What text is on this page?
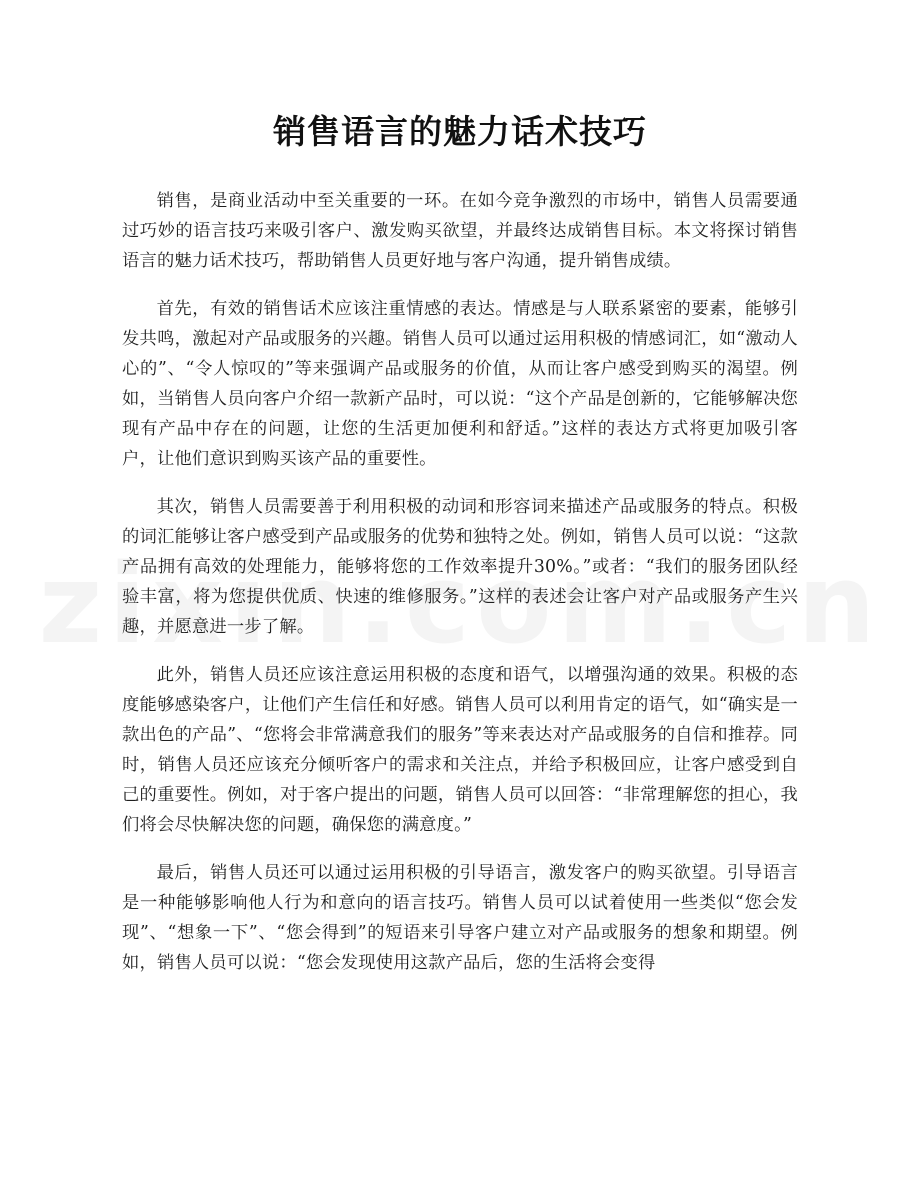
销售语言的魅力话术技巧

销售，是商业活动中至关重要的一环。在如今竞争激烈的市场中，销售人员需要通过巧妙的语言技巧来吸引客户、激发购买欲望，并最终达成销售目标。本文将探讨销售语言的魅力话术技巧，帮助销售人员更好地与客户沟通，提升销售成绩。

首先，有效的销售话术应该注重情感的表达。情感是与人联系紧密的要素，能够引发共鸣，激起对产品或服务的兴趣。销售人员可以通过运用积极的情感词汇，如“激动人心的”、“令人惊叹的”等来强调产品或服务的价值，从而让客户感受到购买的渴望。例如，当销售人员向客户介绍一款新产品时，可以说：“这个产品是创新的，它能够解决您现有产品中存在的问题，让您的生活更加便利和舒适。”这样的表达方式将更加吸引客户，让他们意识到购买该产品的重要性。

其次，销售人员需要善于利用积极的动词和形容词来描述产品或服务的特点。积极的词汇能够让客户感受到产品或服务的优势和独特之处。例如，销售人员可以说：“这款产品拥有高效的处理能力，能够将您的工作效率提升30%。”或者：“我们的服务团队经验丰富，将为您提供优质、快速的维修服务。”这样的表述会让客户对产品或服务产生兴趣，并愿意进一步了解。

此外，销售人员还应该注意运用积极的态度和语气，以增强沟通的效果。积极的态度能够感染客户，让他们产生信任和好感。销售人员可以利用肯定的语气，如“确实是一款出色的产品”、“您将会非常满意我们的服务”等来表达对产品或服务的自信和推荐。同时，销售人员还应该充分倾听客户的需求和关注点，并给予积极回应，让客户感受到自己的重要性。例如，对于客户提出的问题，销售人员可以回答：“非常理解您的担心，我们将会尽快解决您的问题，确保您的满意度。”

最后，销售人员还可以通过运用积极的引导语言，激发客户的购买欲望。引导语言是一种能够影响他人行为和意向的语言技巧。销售人员可以试着使用一些类似“您会发现”、“想象一下”、“您会得到”的短语来引导客户建立对产品或服务的想象和期望。例如，销售人员可以说：“您会发现使用这款产品后，您的生活将会变得
